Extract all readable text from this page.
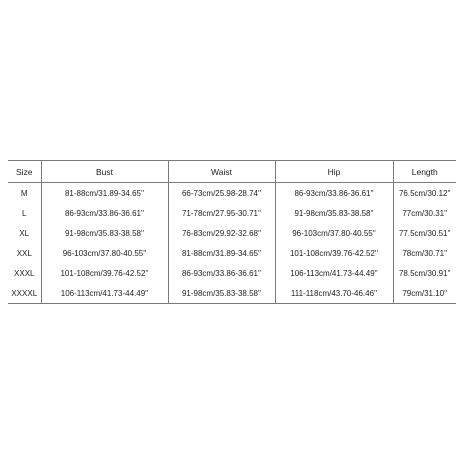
Size	Bust	Waist	Hip	Length
M	81-88cm/31.89-34.65''	66-73cm/25.98-28.74''	86-93cm/33.86-36.61''	76.5cm/30.12''
L	86-93cm/33.86-36.61''	71-78cm/27.95-30.71''	91-98cm/35.83-38.58''	77cm/30.31''
XL	91-98cm/35.83-38.58''	76-83cm/29.92-32.68''	96-103cm/37.80-40.55''	77.5cm/30.51''
XXL	96-103cm/37.80-40.55''	81-88cm/31.89-34.65''	101-108cm/39.76-42.52''	78cm/30.71''
XXXL	101-108cm/39.76-42.52''	86-93cm/33.86-36.61''	106-113cm/41.73-44.49''	78.5cm/30.91''
XXXXL	106-113cm/41.73-44.49''	91-98cm/35.83-38.58''	111-118cm/43.70-46.46''	79cm/31.10''
